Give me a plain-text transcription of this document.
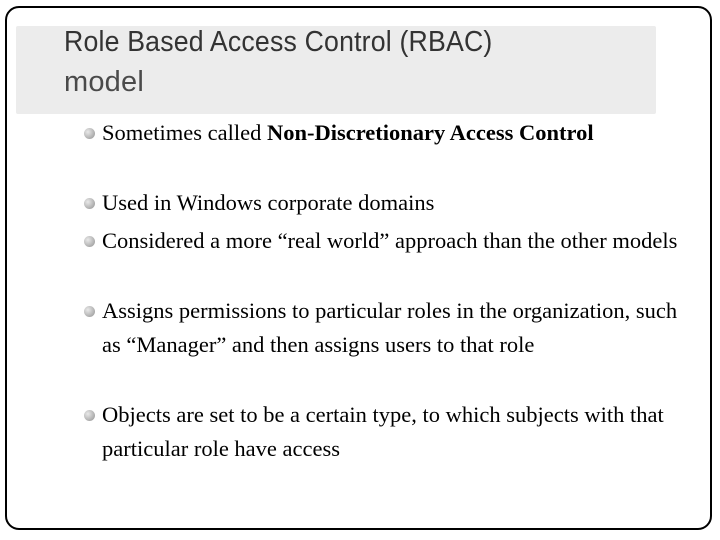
Role Based Access Control (RBAC)
model
Sometimes called Non-Discretionary Access Control
Used in Windows corporate domains
Considered a more “real world” approach than the other models
Assigns permissions to particular roles in the organization, such as “Manager” and then assigns users to that role
Objects are set to be a certain type, to which subjects with that particular role have access
